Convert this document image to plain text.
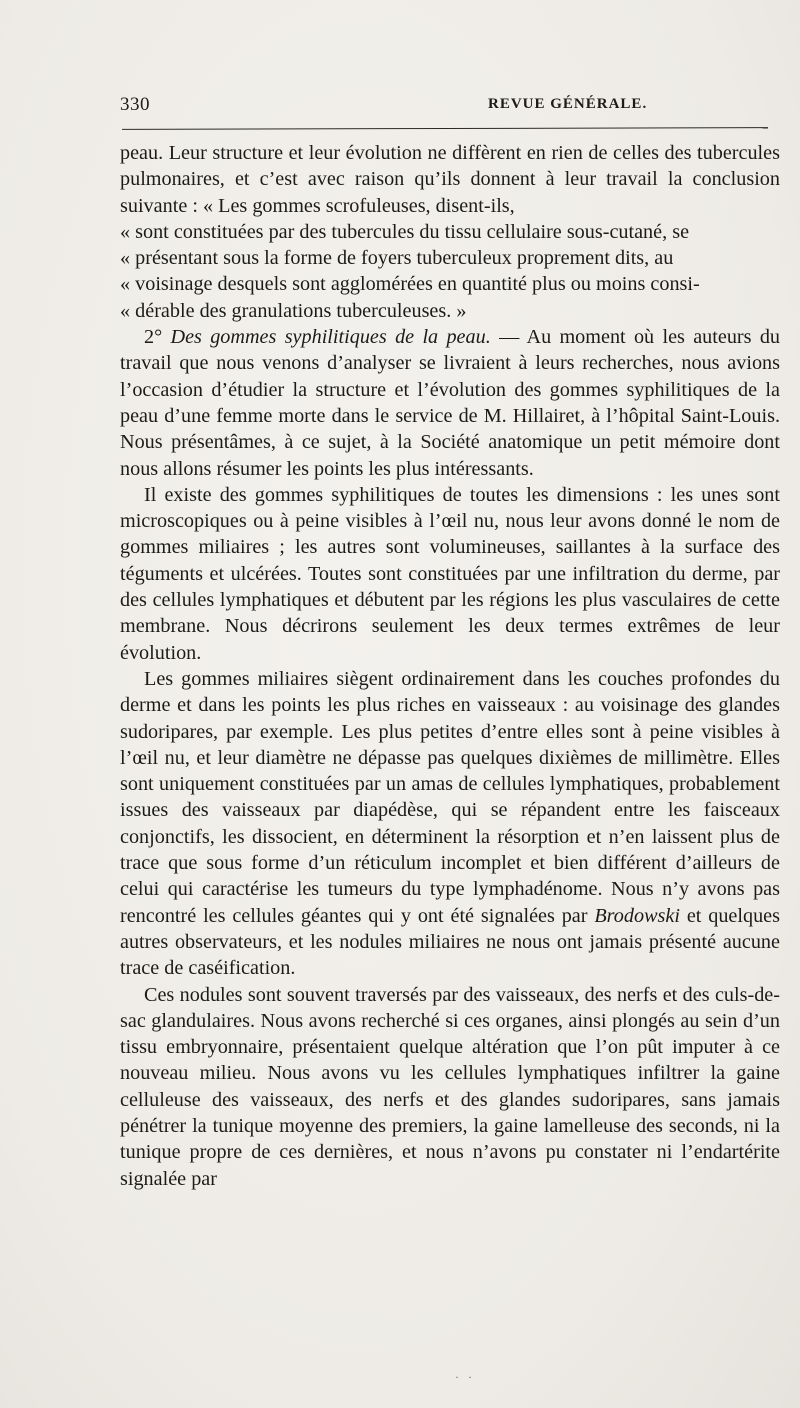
330	REVUE GÉNÉRALE.

peau. Leur structure et leur évolution ne diffèrent en rien de celles des tubercules pulmonaires, et c’est avec raison qu’ils donnent à leur travail la conclusion suivante : « Les gommes scrofuleuses, disent-ils,
« sont constituées par des tubercules du tissu cellulaire sous-cutané, se
« présentant sous la forme de foyers tuberculeux proprement dits, au
« voisinage desquels sont agglomérées en quantité plus ou moins consi-
« dérable des granulations tuberculeuses. »

2° Des gommes syphilitiques de la peau. — Au moment où les auteurs du travail que nous venons d’analyser se livraient à leurs recherches, nous avions l’occasion d’étudier la structure et l’évolution des gommes syphilitiques de la peau d’une femme morte dans le service de M. Hillairet, à l’hôpital Saint-Louis. Nous présentâmes, à ce sujet, à la Société anatomique un petit mémoire dont nous allons résumer les points les plus intéressants.

Il existe des gommes syphilitiques de toutes les dimensions : les unes sont microscopiques ou à peine visibles à l’œil nu, nous leur avons donné le nom de gommes miliaires ; les autres sont volumineuses, saillantes à la surface des téguments et ulcérées. Toutes sont constituées par une infiltration du derme, par des cellules lymphatiques et débutent par les régions les plus vasculaires de cette membrane. Nous décrirons seulement les deux termes extrêmes de leur évolution.

Les gommes miliaires siègent ordinairement dans les couches profondes du derme et dans les points les plus riches en vaisseaux : au voisinage des glandes sudoripares, par exemple. Les plus petites d’entre elles sont à peine visibles à l’œil nu, et leur diamètre ne dépasse pas quelques dixièmes de millimètre. Elles sont uniquement constituées par un amas de cellules lymphatiques, probablement issues des vaisseaux par diapédèse, qui se répandent entre les faisceaux conjonctifs, les dissocient, en déterminent la résorption et n’en laissent plus de trace que sous forme d’un réticulum incomplet et bien différent d’ailleurs de celui qui caractérise les tumeurs du type lymphadénome. Nous n’y avons pas rencontré les cellules géantes qui y ont été signalées par Brodowski et quelques autres observateurs, et les nodules miliaires ne nous ont jamais présenté aucune trace de caséification.

Ces nodules sont souvent traversés par des vaisseaux, des nerfs et des culs-de-sac glandulaires. Nous avons recherché si ces organes, ainsi plongés au sein d’un tissu embryonnaire, présentaient quelque altération que l’on pût imputer à ce nouveau milieu. Nous avons vu les cellules lymphatiques infiltrer la gaine celluleuse des vaisseaux, des nerfs et des glandes sudoripares, sans jamais pénétrer la tunique moyenne des premiers, la gaine lamelleuse des seconds, ni la tunique propre de ces dernières, et nous n’avons pu constater ni l’endartérite signalée par

· ·
